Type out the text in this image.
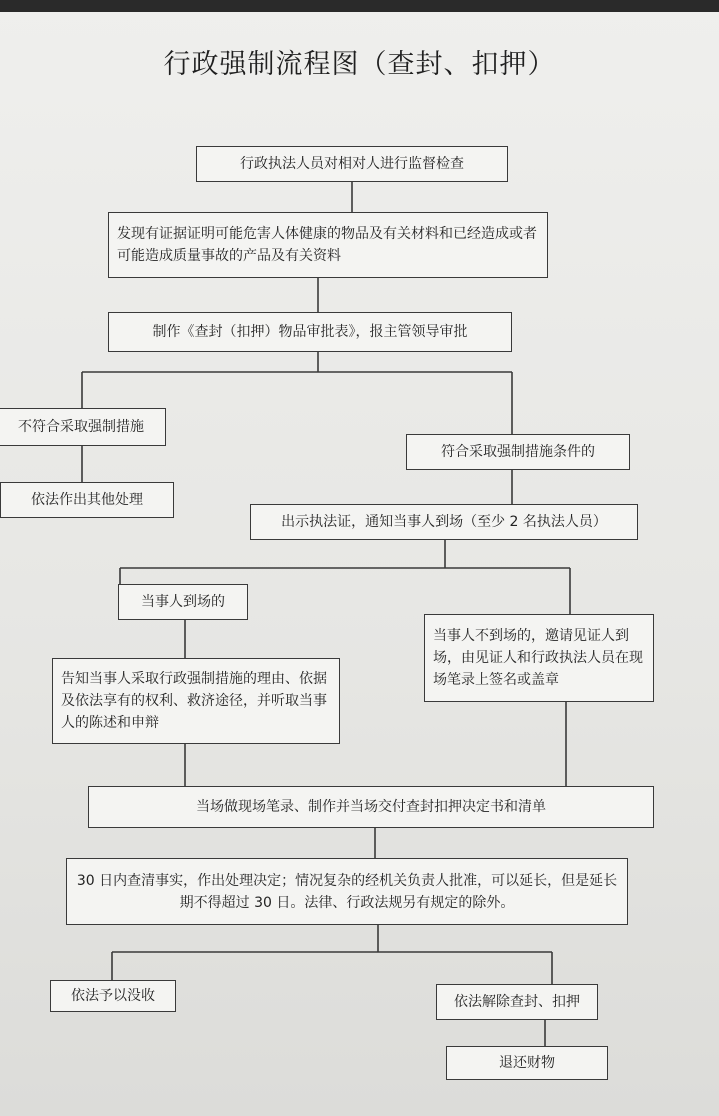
行政强制流程图（查封、扣押）
行政执法人员对相对人进行监督检查
发现有证据证明可能危害人体健康的物品及有关材料和已经造成或者可能造成质量事故的产品及有关资料
制作《查封（扣押）物品审批表》，报主管领导审批
不符合采取强制措施
依法作出其他处理
符合采取强制措施条件的
出示执法证，通知当事人到场（至少 2 名执法人员）
当事人到场的
当事人不到场的，邀请见证人到场，由见证人和行政执法人员在现场笔录上签名或盖章
告知当事人采取行政强制措施的理由、依据及依法享有的权利、救济途径，并听取当事人的陈述和申辩
当场做现场笔录、制作并当场交付查封扣押决定书和清单
30 日内查清事实，作出处理决定；情况复杂的经机关负责人批准，可以延长，但是延长期不得超过 30 日。法律、行政法规另有规定的除外。
依法予以没收	依法解除查封、扣押
退还财物
